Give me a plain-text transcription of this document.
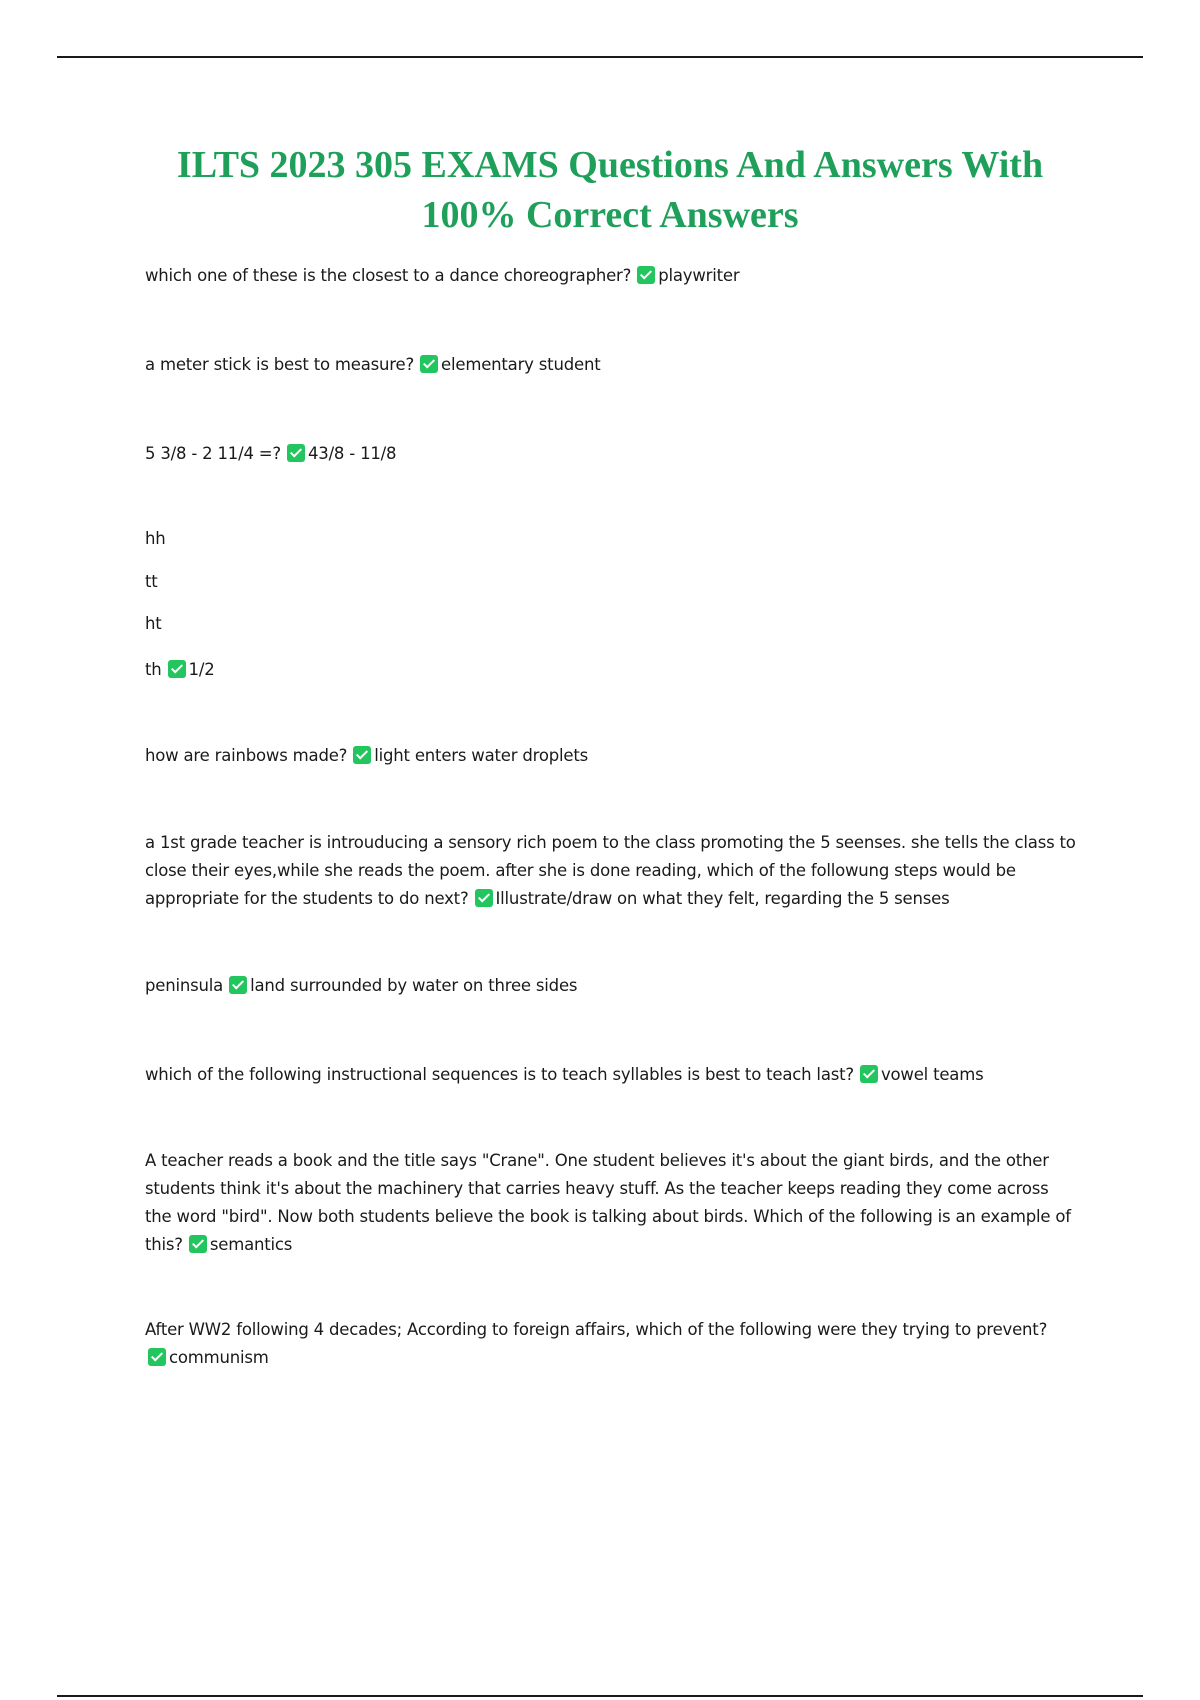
ILTS 2023 305 EXAMS Questions And Answers With
100% Correct Answers

which one of these is the closest to a dance choreographer? playwriter

a meter stick is best to measure? elementary student

5 3/8 - 2 11/4 =? 43/8 - 11/8

hh

tt

ht

th 1/2

how are rainbows made? light enters water droplets

a 1st grade teacher is introuducing a sensory rich poem to the class promoting the 5 seenses. she tells the class to close their eyes,while she reads the poem. after she is done reading, which of the followung steps would be appropriate for the students to do next? Illustrate/draw on what they felt, regarding the 5 senses

peninsula land surrounded by water on three sides

which of the following instructional sequences is to teach syllables is best to teach last? vowel teams

A teacher reads a book and the title says "Crane". One student believes it's about the giant birds, and the other students think it's about the machinery that carries heavy stuff. As the teacher keeps reading they come across the word "bird". Now both students believe the book is talking about birds. Which of the following is an example of this? semantics

After WW2 following 4 decades; According to foreign affairs, which of the following were they trying to prevent?
communism
